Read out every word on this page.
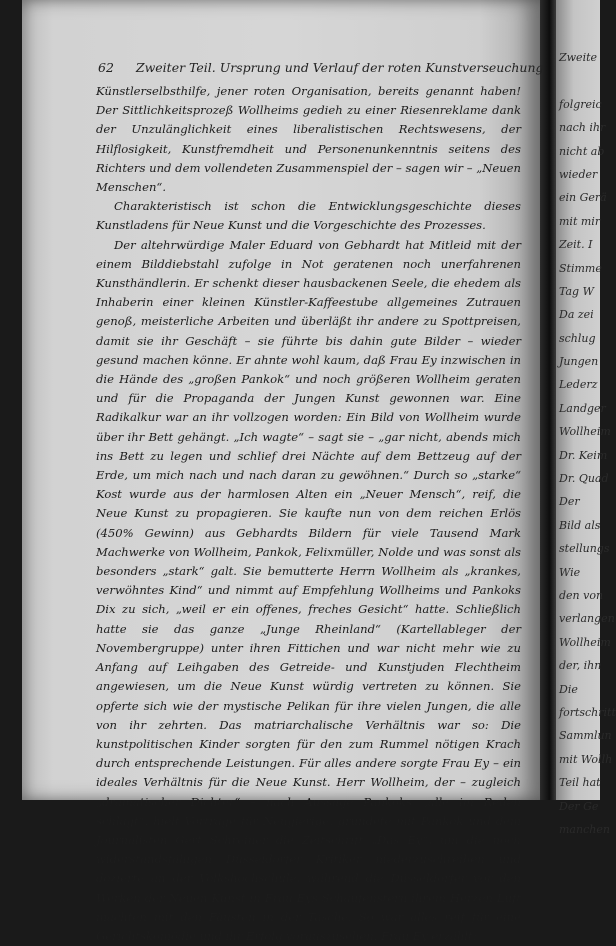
Zweite
folgreic
nach ihr
nicht ab
wieder
ein Gerä
mit mir
Zeit. I
Stimme
Tag W
Da zei
schlug
Jungen
Lederz
Landger
Wollheim
Dr. Keim
Dr. Quad
Der
Bild als
stellungs
Wie
den von
verlangen
Wollheim
der, ihn
Die
fortschritt
Sammlun
mit Wollh
Teil hat
Der Ge
manchen
62 Zweiter Teil. Ursprung und Verlauf der roten Kunstverseuchung

Künstlerselbsthilfe, jener roten Organisation, bereits genannt haben! Der Sittlichkeitsprozeß Wollheims gedieh zu einer Riesenreklame dank der Unzulänglichkeit eines liberalistischen Rechtswesens, der Hilflosigkeit, Kunstfremdheit und Personenunkenntnis seitens des Richters und dem vollendeten Zusammenspiel der – sagen wir – „Neuen Menschen“.

Charakteristisch ist schon die Entwicklungsgeschichte dieses Kunstladens für Neue Kunst und die Vorgeschichte des Prozesses.

Der altehrwürdige Maler Eduard von Gebhardt hat Mitleid mit der einem Bilddiebstahl zufolge in Not geratenen noch unerfahrenen Kunsthändlerin. Er schenkt dieser hausbackenen Seele, die ehedem als Inhaberin einer kleinen Künstler-Kaffeestube allgemeines Zutrauen genoß, meisterliche Arbeiten und überläßt ihr andere zu Spottpreisen, damit sie ihr Geschäft – sie führte bis dahin gute Bilder – wieder gesund machen könne. Er ahnte wohl kaum, daß Frau Ey inzwischen in die Hände des „großen Pankok“ und noch größeren Wollheim geraten und für die Propaganda der Jungen Kunst gewonnen war. Eine Radikalkur war an ihr vollzogen worden: Ein Bild von Wollheim wurde über ihr Bett gehängt. „Ich wagte“ – sagt sie – „gar nicht, abends mich ins Bett zu legen und schlief drei Nächte auf dem Bettzeug auf der Erde, um mich nach und nach daran zu gewöhnen.“ Durch so „starke“ Kost wurde aus der harmlosen Alten ein „Neuer Mensch“, reif, die Neue Kunst zu propagieren. Sie kaufte nun von dem reichen Erlös (450% Gewinn) aus Gebhardts Bildern für viele Tausend Mark Machwerke von Wollheim, Pankok, Felixmüller, Nolde und was sonst als besonders „stark“ galt. Sie bemutterte Herrn Wollheim als „krankes, verwöhntes Kind“ und nimmt auf Empfehlung Wollheims und Pankoks Dix zu sich, „weil er ein offenes, freches Gesicht“ hatte. Schließlich hatte sie das ganze „Junge Rheinland“ (Kartellableger der Novembergruppe) unter ihren Fittichen und war nicht mehr wie zu Anfang auf Leihgaben des Getreide- und Kunstjuden Flechtheim angewiesen, um die Neue Kunst würdig vertreten zu können. Sie opferte sich wie der mystische Pelikan für ihre vielen Jungen, die alle von ihr zehrten. Das matriarchalische Verhältnis war so: Die kunstpolitischen Kinder sorgten für den zum Rummel nötigen Krach durch entsprechende Leistungen. Für alles andere sorgte Frau Ey – ein ideales Verhältnis für die Neue Kunst. Herr Wollheim, der – zugleich „dramatischer Dichter“ – nach Aussage Pankoks „alle im Reden schlägt“, hielt Vorträge für Neugierige, gründete mit Pankok und dem Journalisten Gert Schreiner die Zeitschrift „Das Ey“, um die noch widerstandsfähigen Düsseldorfer Kritiker niederzuschreiben und dozierte an der Volkshochschule, während die Düsseldorfer vor den Werken der Neuen Kunst in Frau Eys Schaufenstern ihrem Herzen Luft machten mit den Fäusten in der Tasche. So war alles reif für eine Gerichtskomödie und ihr Erfolg vorauszusehen. Frau Ey erzählt:
